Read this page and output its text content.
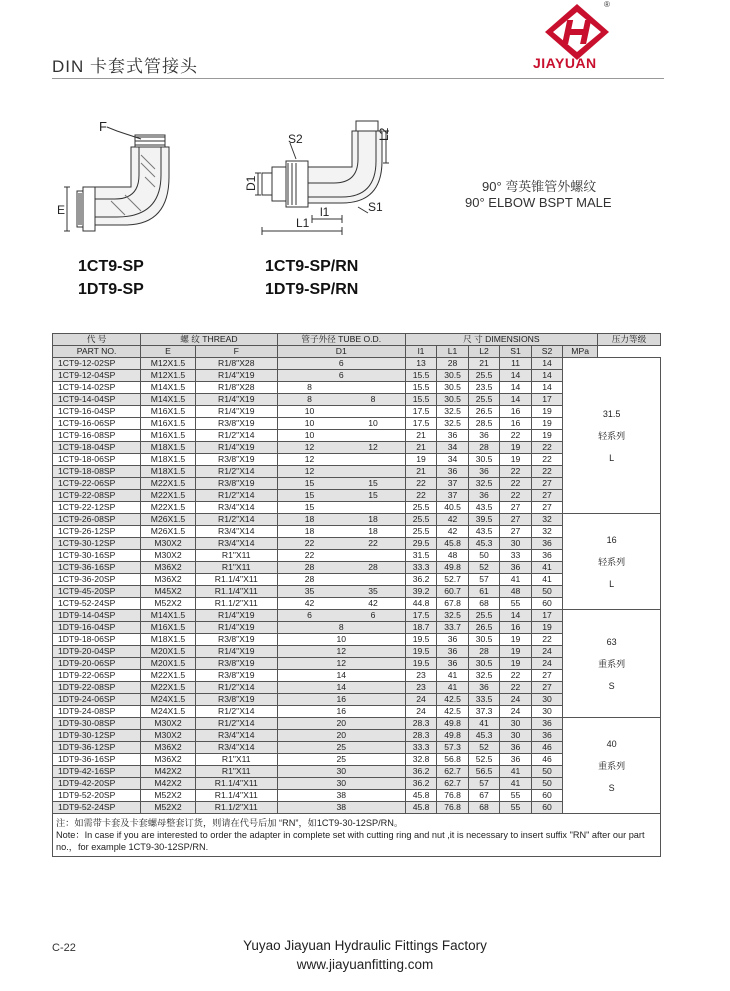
DIN 卡套式管接头
®
JIAYUAN
F
E
S2	L2
D1
S1
l1
L1
1CT9-SP
1DT9-SP
1CT9-SP/RN
1DT9-SP/RN
90° 弯英锥管外螺纹
90° ELBOW BSPT MALE
代 号	螺 纹 THREAD		管子外径 TUBE O.D.	尺 寸 DIMENSIONS						压力等级
PART NO.	E	F	D1	l1	L1	L2	S1	S2	MPa	
1CT9-12-02SP	M12X1.5	R1/8"X28	6	13	28	21	11	14	31.5
轻系列
L	

1CT9-12-04SP	M12X1.5	R1/4"X19	6	15.5	30.5	25.5	14	14		
1CT9-14-02SP	M14X1.5	R1/8"X28	8	15.5	30.5	23.5	14	14		
1CT9-14-04SP	M14X1.5	R1/4"X19	8 8	15.5	30.5	25.5	14	17		
1CT9-16-04SP	M16X1.5	R1/4"X19	10	17.5	32.5	26.5	16	19		
1CT9-16-06SP	M16X1.5	R3/8"X19	10 10	17.5	32.5	28.5	16	19		
1CT9-16-08SP	M16X1.5	R1/2"X14	10	21	36	36	22	19		
1CT9-18-04SP	M18X1.5	R1/4"X19	12 12	21	34	28	19	22		
1CT9-18-06SP	M18X1.5	R3/8"X19	12	19	34	30.5	19	22		
1CT9-18-08SP	M18X1.5	R1/2"X14	12	21	36	36	22	22		
1CT9-22-06SP	M22X1.5	R3/8"X19	15 15	22	37	32.5	22	27		
1CT9-22-08SP	M22X1.5	R1/2"X14	15 15	22	37	36	22	27		
1CT9-22-12SP	M22X1.5	R3/4"X14	15	25.5	40.5	43.5	27	27		
1CT9-26-08SP	M26X1.5	R1/2"X14	18 18	25.5	42	39.5	27	32	16
轻系列
L	

1CT9-26-12SP	M26X1.5	R3/4"X14	18 18	25.5	42	43.5	27	32		
1CT9-30-12SP	M30X2	R3/4"X14	22 22	29.5	45.8	45.3	30	36		
1CT9-30-16SP	M30X2	R1"X11	22	31.5	48	50	33	36		
1CT9-36-16SP	M36X2	R1"X11	28 28	33.3	49.8	52	36	41		
1CT9-36-20SP	M36X2	R1.1/4"X11	28	36.2	52.7	57	41	41		
1CT9-45-20SP	M45X2	R1.1/4"X11	35 35	39.2	60.7	61	48	50		
1CT9-52-24SP	M52X2	R1.1/2"X11	42 42	44.8	67.8	68	55	60		
1DT9-14-04SP	M14X1.5	R1/4"X19	6 6	17.5	32.5	25.5	14	17	63
重系列
S	

1DT9-16-04SP	M16X1.5	R1/4"X19	8	18.7	33.7	26.5	16	19		
1DT9-18-06SP	M18X1.5	R3/8"X19	10	19.5	36	30.5	19	22		
1DT9-20-04SP	M20X1.5	R1/4"X19	12	19.5	36	28	19	24		
1DT9-20-06SP	M20X1.5	R3/8"X19	12	19.5	36	30.5	19	24		
1DT9-22-06SP	M22X1.5	R3/8"X19	14	23	41	32.5	22	27		
1DT9-22-08SP	M22X1.5	R1/2"X14	14	23	41	36	22	27		
1DT9-24-06SP	M24X1.5	R3/8"X19	16	24	42.5	33.5	24	30		
1DT9-24-08SP	M24X1.5	R1/2"X14	16	24	42.5	37.3	24	30		
1DT9-30-08SP	M30X2	R1/2"X14	20	28.3	49.8	41	30	36	40
重系列
S	

1DT9-30-12SP	M30X2	R3/4"X14	20	28.3	49.8	45.3	30	36		
1DT9-36-12SP	M36X2	R3/4"X14	25	33.3	57.3	52	36	46		
1DT9-36-16SP	M36X2	R1"X11	25	32.8	56.8	52.5	36	46		
1DT9-42-16SP	M42X2	R1"X11	30	36.2	62.7	56.5	41	50		
1DT9-42-20SP	M42X2	R1.1/4"X11	30	36.2	62.7	57	41	50		
1DT9-52-20SP	M52X2	R1.1/4"X11	38	45.8	76.8	67	55	60		
1DT9-52-24SP	M52X2	R1.1/2"X11	38	45.8	76.8	68	55	60		

注：如需带卡套及卡套螺母整套订货，则请在代号后加 “RN”，如1CT9-30-12SP/RN。
Note：In case if you are interested to order the adapter in complete set with cutting ring and nut ,it is necessary to insert suffix "RN" after our part no.，for example 1CT9-30-12SP/RN.										
C-22	Yuyao Jiayuan Hydraulic Fittings Factory
www.jiayuanfitting.com
